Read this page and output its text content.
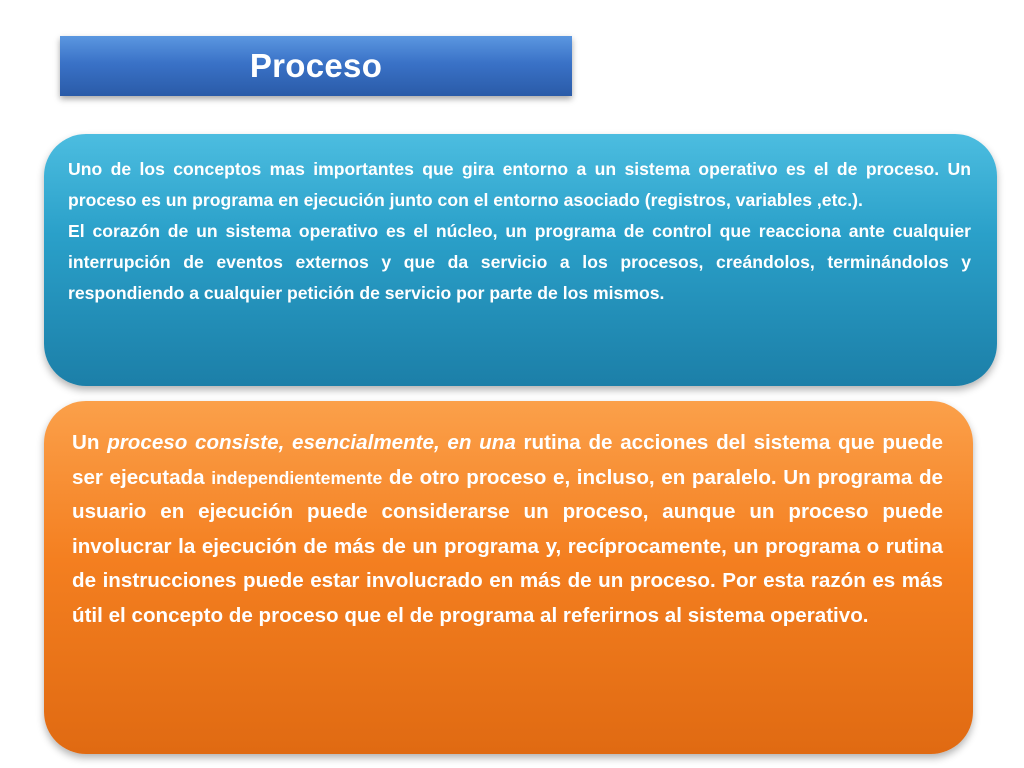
Proceso

Uno de los conceptos mas importantes que gira entorno a un sistema operativo es el de proceso. Un proceso es un programa en ejecución junto con el entorno asociado (registros, variables ,etc.).

El corazón de un sistema operativo es el núcleo, un programa de control que reacciona ante cualquier interrupción de eventos externos y que da servicio a los procesos, creándolos, terminándolos y respondiendo a cualquier petición de servicio por parte de los mismos.

Un proceso consiste, esencialmente, en una rutina de acciones del sistema que puede ser ejecutada independientemente de otro proceso e, incluso, en paralelo. Un programa de usuario en ejecución puede considerarse un proceso, aunque un proceso puede involucrar la ejecución de más de un programa y, recíprocamente, un programa o rutina de instrucciones puede estar involucrado en más de un proceso. Por esta razón es más útil el concepto de proceso que el de programa al referirnos al sistema operativo.
